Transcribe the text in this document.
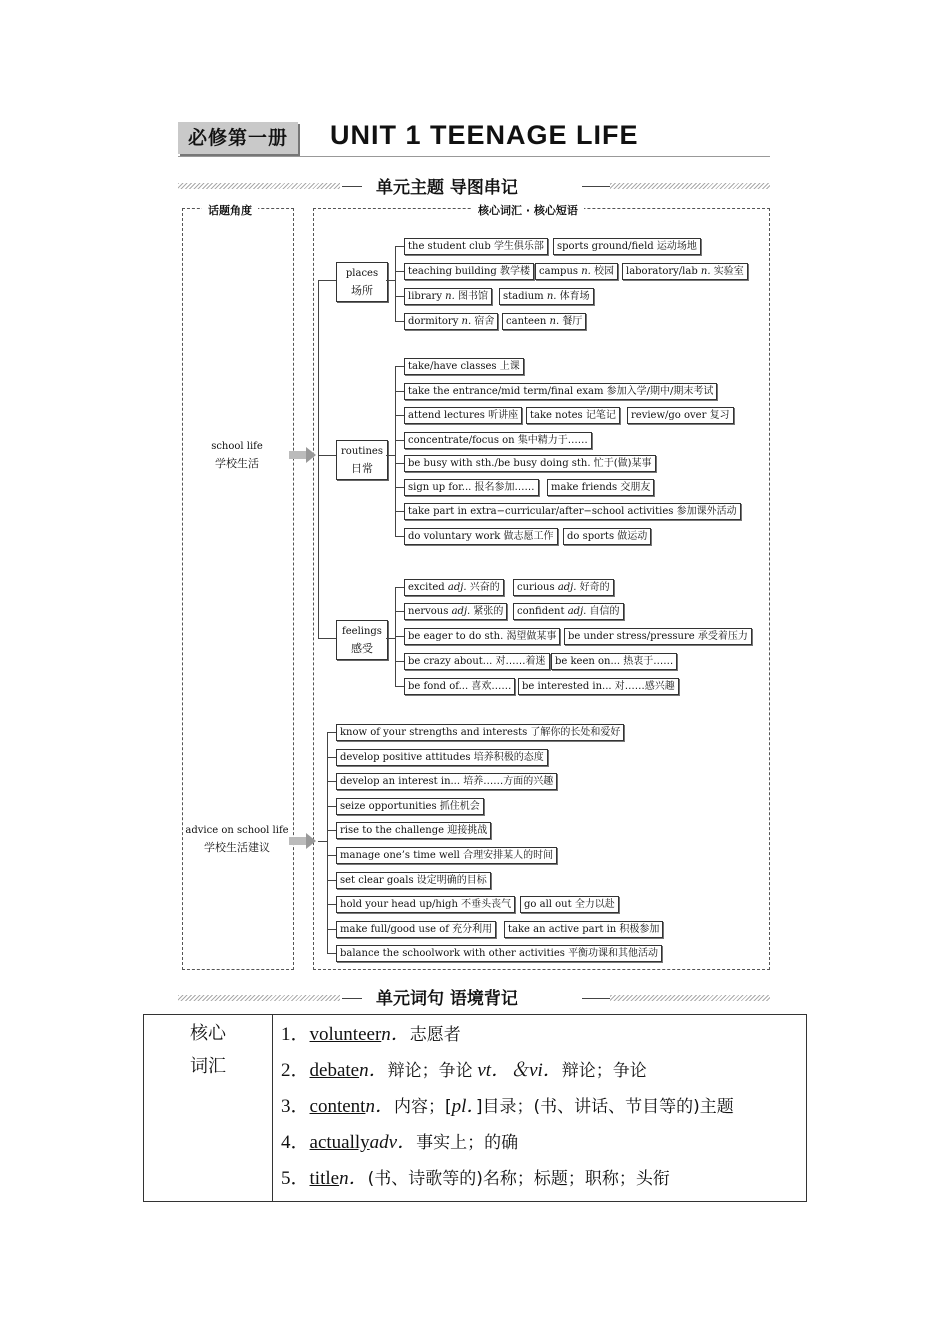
必修第一册	UNIT 1 TEENAGE LIFE
单元主题 导图串记
话题角度	核心词汇 · 核心短语
school life
学校生活
advice on school life
学校生活建议
places
场所
routines
日常
feelings
感受
the student club 学生俱乐部	sports ground/field 运动场地
teaching building 教学楼 campus n. 校园	laboratory/lab n. 实验室
library n. 图书馆	stadium n. 体育场
dormitory n. 宿舍	canteen n. 餐厅
take/have classes 上课
take the entrance/mid term/final exam 参加入学/期中/期末考试
attend lectures 听讲座	take notes 记笔记	review/go over 复习
concentrate/focus on 集中精力于……
be busy with sth./be busy doing sth. 忙于(做)某事
sign up for... 报名参加……	make friends 交朋友
take part in extra−curricular/after−school activities 参加课外活动
do voluntary work 做志愿工作	do sports 做运动
excited adj. 兴奋的	curious adj. 好奇的
nervous adj. 紧张的	confident adj. 自信的
be eager to do sth. 渴望做某事	be under stress/pressure 承受着压力
be crazy about... 对……着迷 be keen on... 热衷于……
be fond of... 喜欢……	be interested in... 对……感兴趣
know of your strengths and interests 了解你的长处和爱好
develop positive attitudes 培养积极的态度
develop an interest in... 培养……方面的兴趣
seize opportunities 抓住机会
rise to the challenge 迎接挑战
manage one’s time well 合理安排某人的时间
set clear goals 设定明确的目标
hold your head up/high 不垂头丧气	go all out 全力以赴
make full/good use of 充分利用	take an active part in 积极参加
balance the schoolwork with other activities 平衡功课和其他活动
单元词句 语境背记
核心词汇

1．volunteern．志愿者
2．debaten．辩论；争论 vt．＆vi．辩论；争论
3．contentn．内容；[pl．]目录；(书、讲话、节目等的)主题
4．actuallyadv．事实上；的确
5．titlen．(书、诗歌等的)名称；标题；职称；头衔
